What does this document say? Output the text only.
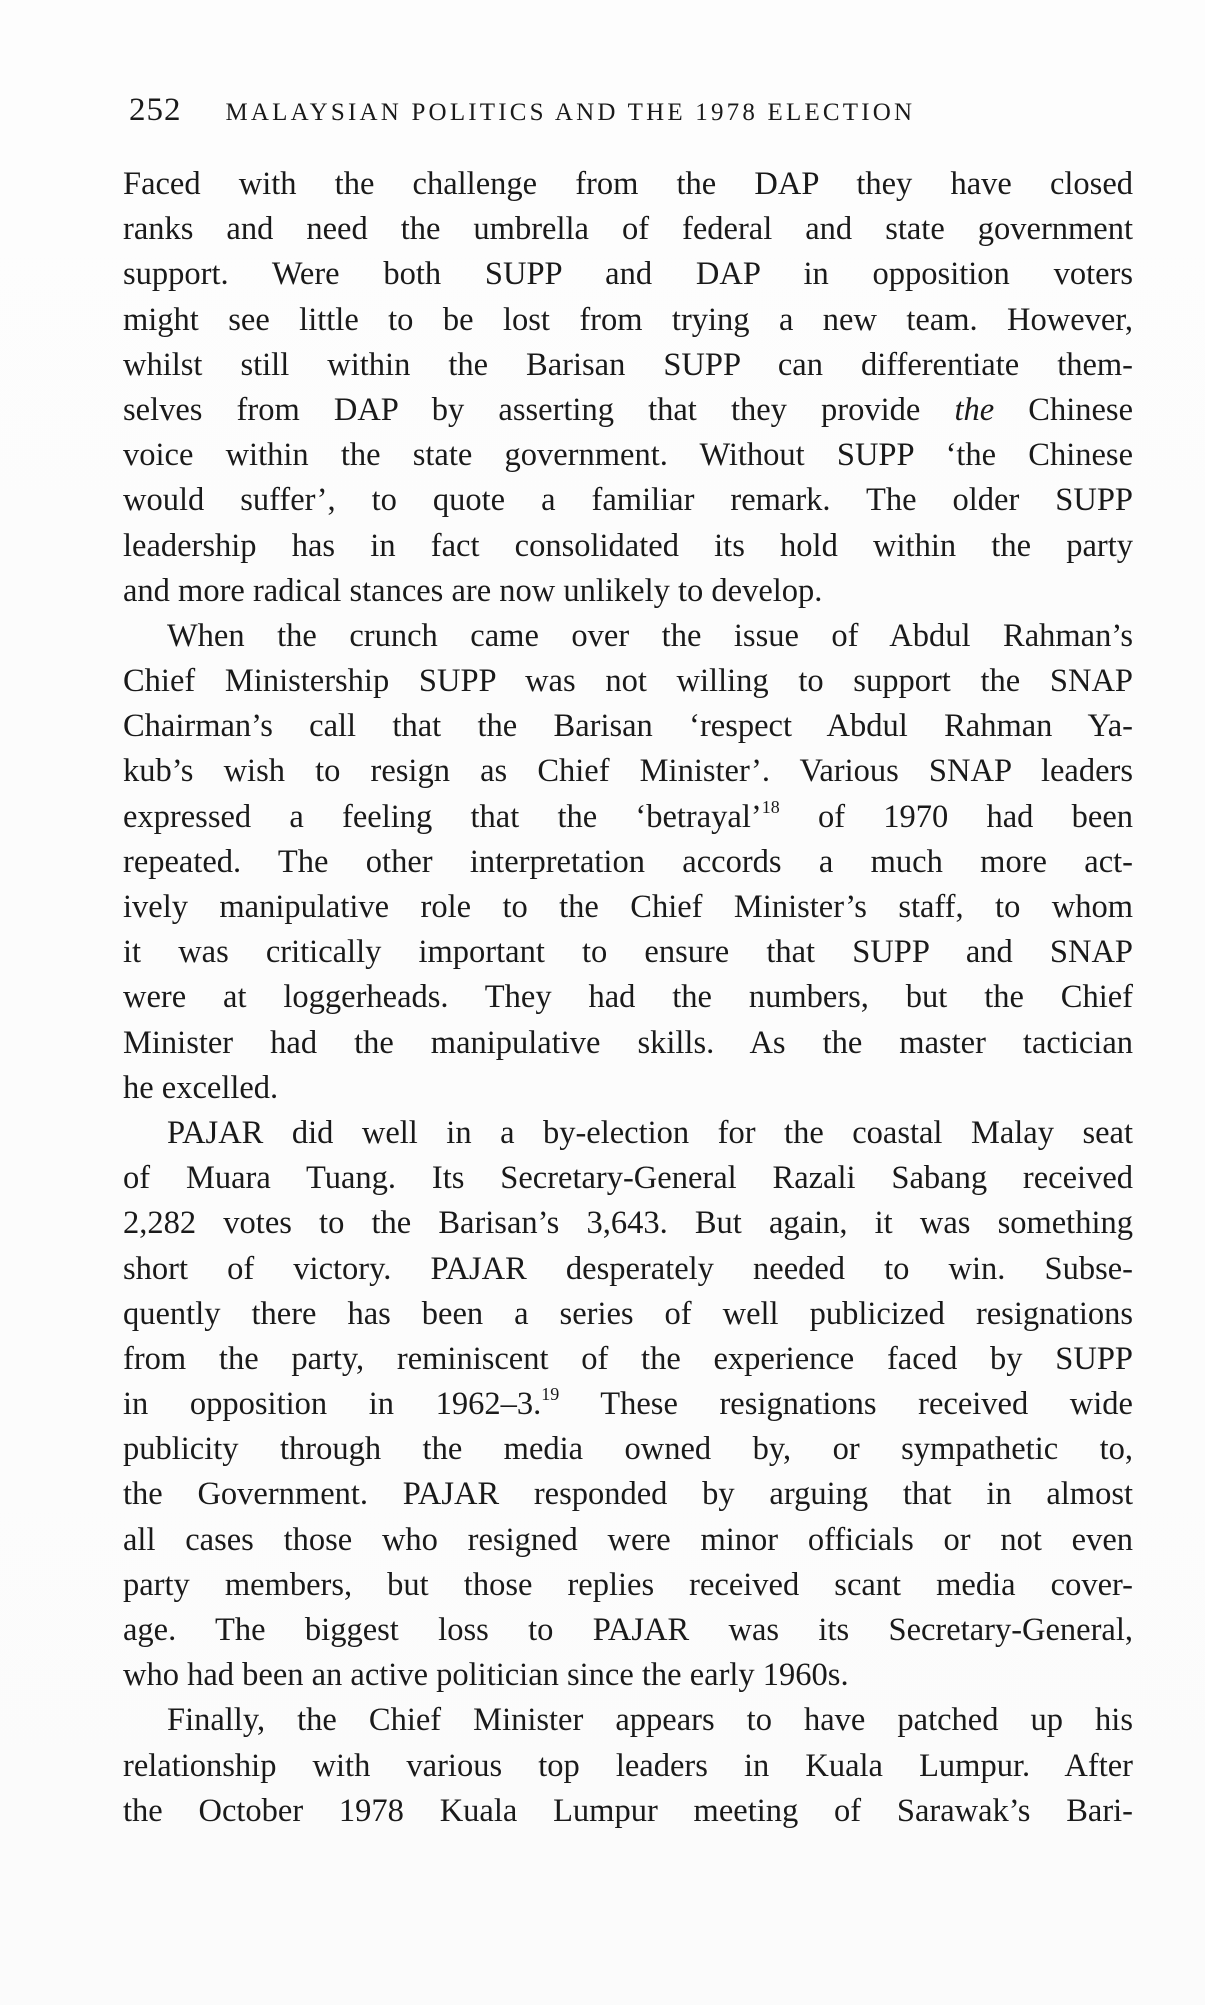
252 MALAYSIAN POLITICS AND THE 1978 ELECTION
Faced with the challenge from the DAP they have closed
ranks and need the umbrella of federal and state government
support. Were both SUPP and DAP in opposition voters
might see little to be lost from trying a new team. However,
whilst still within the Barisan SUPP can differentiate them-
selves from DAP by asserting that they provide the Chinese
voice within the state government. Without SUPP ‘the Chinese
would suffer’, to quote a familiar remark. The older SUPP
leadership has in fact consolidated its hold within the party
and more radical stances are now unlikely to develop.
When the crunch came over the issue of Abdul Rahman’s
Chief Ministership SUPP was not willing to support the SNAP
Chairman’s call that the Barisan ‘respect Abdul Rahman Ya-
kub’s wish to resign as Chief Minister’. Various SNAP leaders
expressed a feeling that the ‘betrayal’$^{18}$ of 1970 had been
repeated. The other interpretation accords a much more act-
ively manipulative role to the Chief Minister’s staff, to whom
it was critically important to ensure that SUPP and SNAP
were at loggerheads. They had the numbers, but the Chief
Minister had the manipulative skills. As the master tactician
he excelled.
PAJAR did well in a by-election for the coastal Malay seat
of Muara Tuang. Its Secretary-General Razali Sabang received
2,282 votes to the Barisan’s 3,643. But again, it was something
short of victory. PAJAR desperately needed to win. Subse-
quently there has been a series of well publicized resignations
from the party, reminiscent of the experience faced by SUPP
in opposition in 1962–3.19 These resignations received wide
publicity through the media owned by, or sympathetic to,
the Government. PAJAR responded by arguing that in almost
all cases those who resigned were minor officials or not even
party members, but those replies received scant media cover-
age. The biggest loss to PAJAR was its Secretary-General,
who had been an active politician since the early 1960s.
Finally, the Chief Minister appears to have patched up his
relationship with various top leaders in Kuala Lumpur. After
the October 1978 Kuala Lumpur meeting of Sarawak’s Bari-
